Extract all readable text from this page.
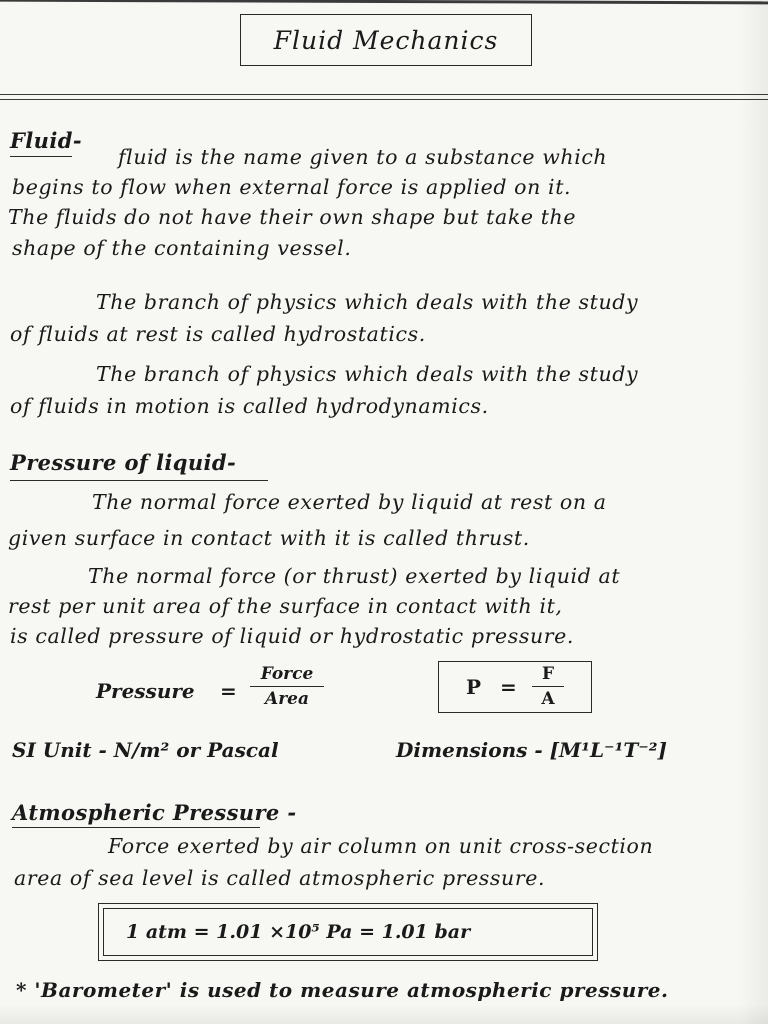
Fluid Mechanics
Fluid-
fluid is the name given to a substance which
begins to flow when external force is applied on it.
The fluids do not have their own shape but take the
shape of the containing vessel.
The branch of physics which deals with the study
of fluids at rest is called hydrostatics.
The branch of physics which deals with the study
of fluids in motion is called hydrodynamics.
Pressure of liquid-
The normal force exerted by liquid at rest on a
given surface in contact with it is called thrust.
The normal force (or thrust) exerted by liquid at
rest per unit area of the surface in contact with it,
is called pressure of liquid or hydrostatic pressure.
Pressure =
Force
Area	P =
F
A
SI Unit - N/m² or Pascal	Dimensions - [M¹L⁻¹T⁻²]
Atmospheric Pressure -
Force exerted by air column on unit cross-section
area of sea level is called atmospheric pressure.
1 atm = 1.01 ×10⁵ Pa = 1.01 bar
* 'Barometer' is used to measure atmospheric pressure.
